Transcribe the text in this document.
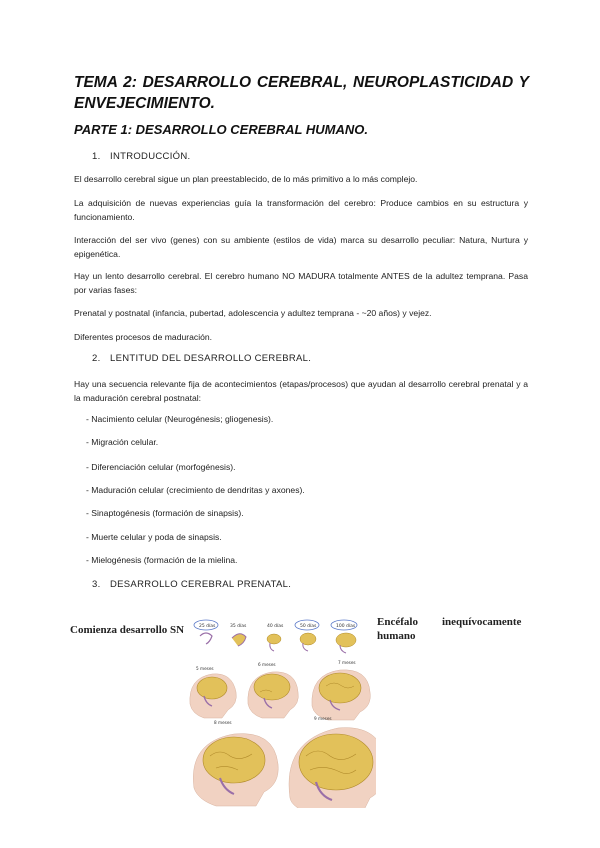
TEMA 2: DESARROLLO CEREBRAL, NEUROPLASTICIDAD Y ENVEJECIMIENTO.
PARTE 1: DESARROLLO CEREBRAL HUMANO.
1. INTRODUCCIÓN.
El desarrollo cerebral sigue un plan preestablecido, de lo más primitivo a lo más complejo.
La adquisición de nuevas experiencias guía la transformación del cerebro: Produce cambios en su estructura y funcionamiento.
Interacción del ser vivo (genes) con su ambiente (estilos de vida) marca su desarrollo peculiar: Natura, Nurtura y epigenética.
Hay un lento desarrollo cerebral. El cerebro humano NO MADURA totalmente ANTES de la adultez temprana. Pasa por varias fases:
Prenatal y postnatal (infancia, pubertad, adolescencia y adultez temprana - ~20 años) y vejez.
Diferentes procesos de maduración.
2. LENTITUD DEL DESARROLLO CEREBRAL.
Hay una secuencia relevante fija de acontecimientos (etapas/procesos) que ayudan al desarrollo cerebral prenatal y a la maduración cerebral postnatal:
- Nacimiento celular (Neurogénesis; gliogenesis).
- Migración celular.
- Diferenciación celular (morfogénesis).
- Maduración celular (crecimiento de dendritas y axones).
- Sinaptogénesis (formación de sinapsis).
- Muerte celular y poda de sinapsis.
- Mielogénesis (formación de la mielina.
3. DESARROLLO CEREBRAL PRENATAL.
Comienza desarrollo SN
Encéfalo inequívocamente
humano
25 días	35 días	40 días	50 días	100 días
5 meses
6 meses	7 meses
8 meses
9 meses
